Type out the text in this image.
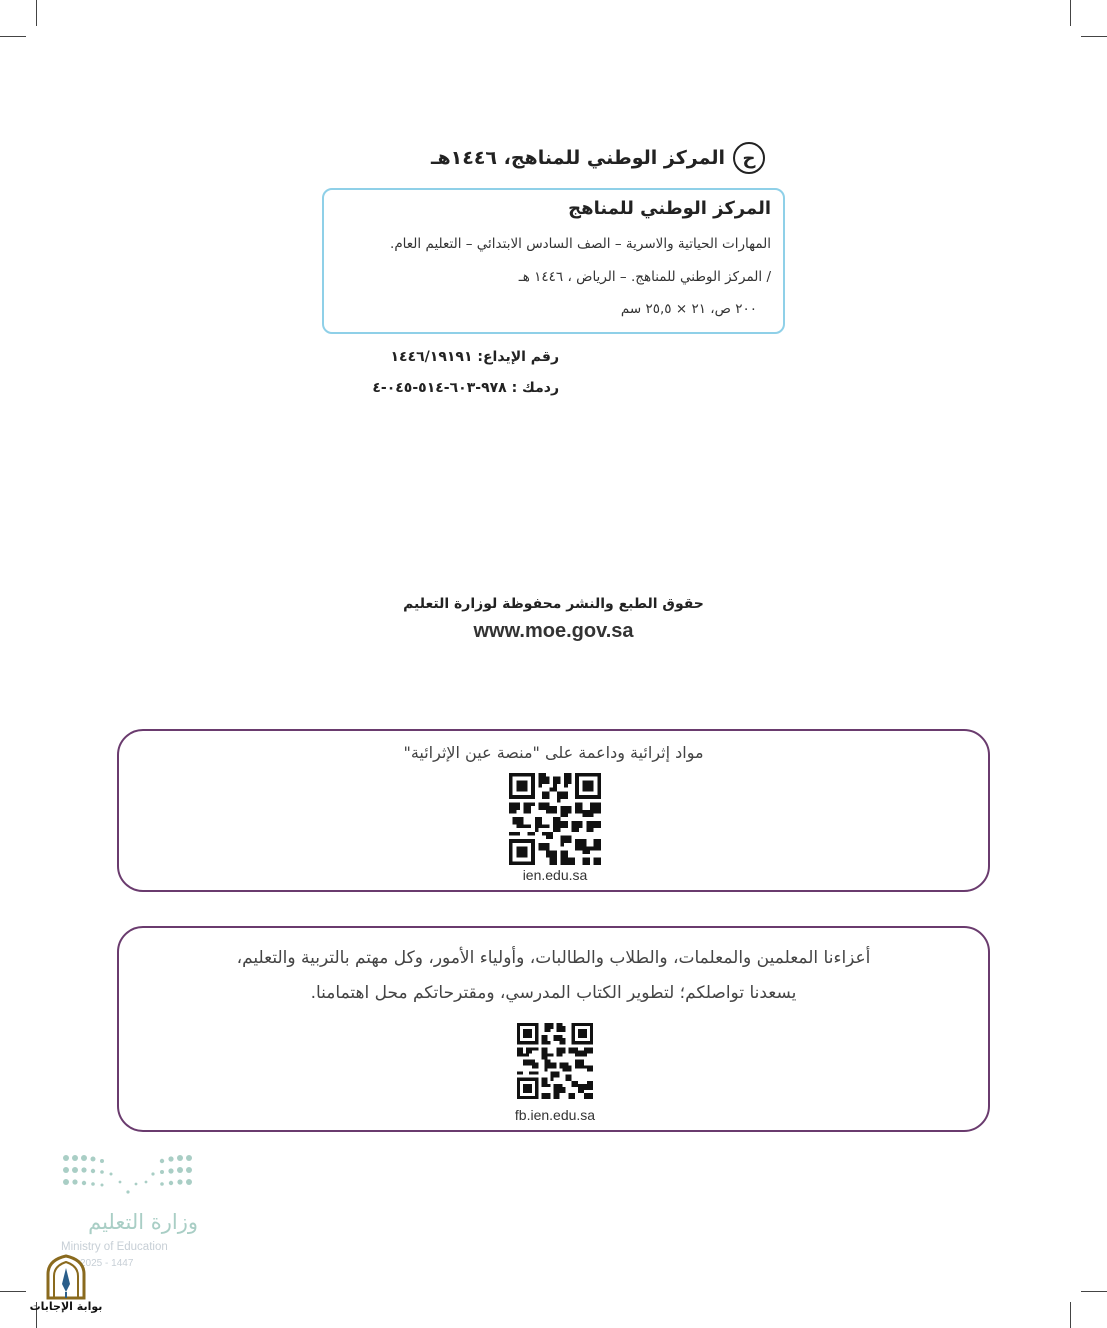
ح
المركز الوطني للمناهج، ١٤٤٦هـ
المركز الوطني للمناهج
المهارات الحياتية والاسرية – الصف السادس الابتدائي – التعليم العام.
/ المركز الوطني للمناهج. – الرياض ، ١٤٤٦ هـ
٢٠٠ ص، ٢١ × ٢٥,٥ سم
رقم الإيداع: ١٤٤٦/١٩١٩١
ردمك : ٩٧٨-٦٠٣-٥١٤-٠٤٥-٤
حقوق الطبع والنشر محفوظة لوزارة التعليم
www.moe.gov.sa
مواد إثرائية وداعمة على "منصة عين الإثرائية"
ien.edu.sa
أعزاءنا المعلمين والمعلمات، والطلاب والطالبات، وأولياء الأمور، وكل مهتم بالتربية والتعليم،
يسعدنا تواصلكم؛ لتطوير الكتاب المدرسي، ومقترحاتكم محل اهتمامنا.
fb.ien.edu.sa
وزارة التعليم
Ministry of Education
2025 - 1447
بوابة الإجابات
